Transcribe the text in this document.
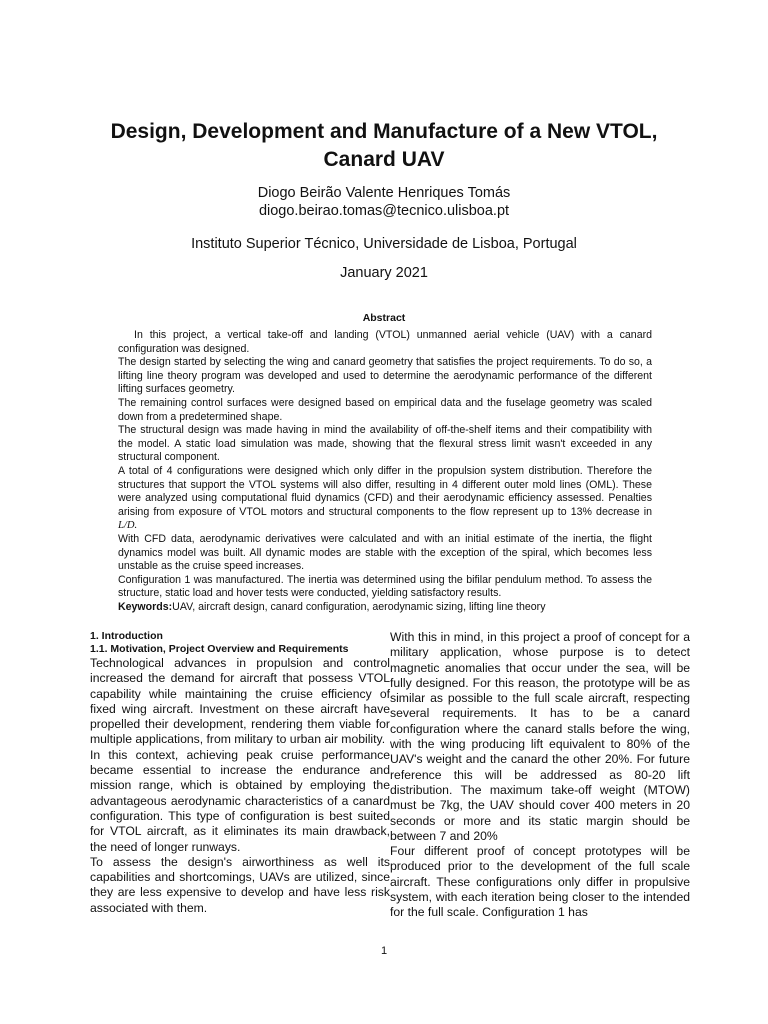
Design, Development and Manufacture of a New VTOL,
Canard UAV

Diogo Beirão Valente Henriques Tomás

diogo.beirao.tomas@tecnico.ulisboa.pt

Instituto Superior Técnico, Universidade de Lisboa, Portugal

January 2021

Abstract

In this project, a vertical take-off and landing (VTOL) unmanned aerial vehicle (UAV) with a canard configuration was designed.

The design started by selecting the wing and canard geometry that satisfies the project requirements. To do so, a lifting line theory program was developed and used to determine the aerodynamic performance of the different lifting surfaces geometry.

The remaining control surfaces were designed based on empirical data and the fuselage geometry was scaled down from a predetermined shape.

The structural design was made having in mind the availability of off-the-shelf items and their compatibility with the model. A static load simulation was made, showing that the flexural stress limit wasn't exceeded in any structural component.

A total of 4 configurations were designed which only differ in the propulsion system distribution. Therefore the structures that support the VTOL systems will also differ, resulting in 4 different outer mold lines (OML). These were analyzed using computational fluid dynamics (CFD) and their aerodynamic efficiency assessed. Penalties arising from exposure of VTOL motors and structural components to the flow represent up to 13% decrease in L/D.

With CFD data, aerodynamic derivatives were calculated and with an initial estimate of the inertia, the flight dynamics model was built. All dynamic modes are stable with the exception of the spiral, which becomes less unstable as the cruise speed increases.

Configuration 1 was manufactured. The inertia was determined using the bifilar pendulum method. To assess the structure, static load and hover tests were conducted, yielding satisfactory results.

Keywords:UAV, aircraft design, canard configuration, aerodynamic sizing, lifting line theory

1. Introduction

1.1. Motivation, Project Overview and Requirements

Technological advances in propulsion and control increased the demand for aircraft that possess VTOL capability while maintaining the cruise efficiency of fixed wing aircraft. Investment on these aircraft have propelled their development, rendering them viable for multiple applications, from military to urban air mobility.

In this context, achieving peak cruise performance became essential to increase the endurance and mission range, which is obtained by employing the advantageous aerodynamic characteristics of a canard configuration. This type of configuration is best suited for VTOL aircraft, as it eliminates its main drawback, the need of longer runways.

To assess the design's airworthiness as well its capabilities and shortcomings, UAVs are utilized, since they are less expensive to develop and have less risk associated with them.

With this in mind, in this project a proof of concept for a military application, whose purpose is to detect magnetic anomalies that occur under the sea, will be fully designed. For this reason, the prototype will be as similar as possible to the full scale aircraft, respecting several requirements. It has to be a canard configuration where the canard stalls before the wing, with the wing producing lift equivalent to 80% of the UAV's weight and the canard the other 20%. For future reference this will be addressed as 80-20 lift distribution. The maximum take-off weight (MTOW) must be 7kg, the UAV should cover 400 meters in 20 seconds or more and its static margin should be between 7 and 20%

Four different proof of concept prototypes will be produced prior to the development of the full scale aircraft. These configurations only differ in propulsive system, with each iteration being closer to the intended for the full scale. Configuration 1 has

1
